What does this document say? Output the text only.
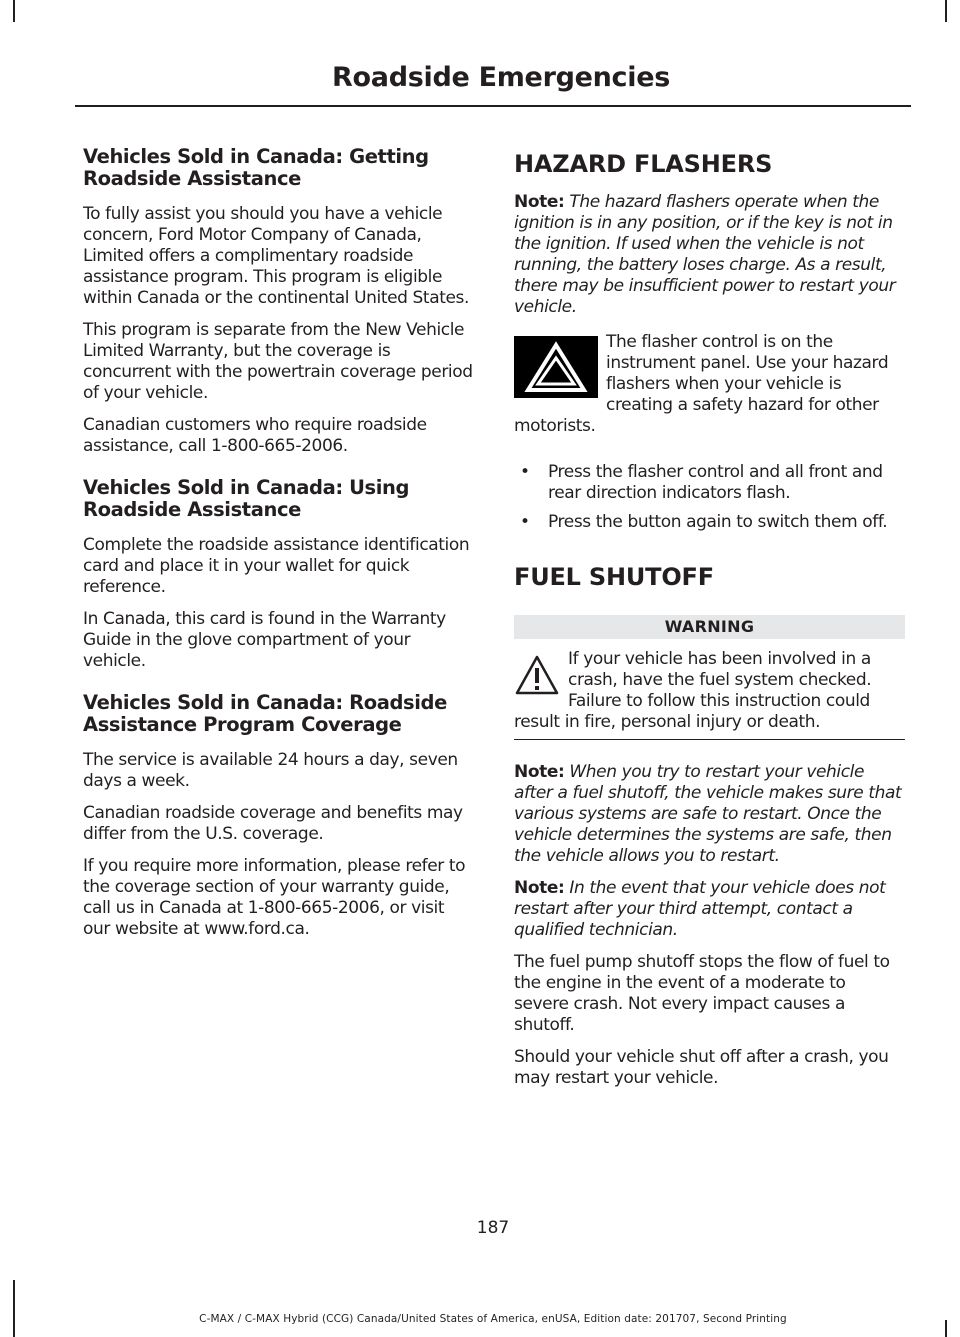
Roadside Emergencies
Vehicles Sold in Canada: Getting Roadside Assistance

To fully assist you should you have a vehicle concern, Ford Motor Company of Canada, Limited offers a complimentary roadside assistance program. This program is eligible within Canada or the continental United States.

This program is separate from the New Vehicle Limited Warranty, but the coverage is concurrent with the powertrain coverage period of your vehicle.

Canadian customers who require roadside assistance, call 1-800-665-2006.

Vehicles Sold in Canada: Using Roadside Assistance

Complete the roadside assistance identification card and place it in your wallet for quick reference.

In Canada, this card is found in the Warranty Guide in the glove compartment of your vehicle.

Vehicles Sold in Canada: Roadside Assistance Program Coverage

The service is available 24 hours a day, seven days a week.

Canadian roadside coverage and benefits may differ from the U.S. coverage.

If you require more information, please refer to the coverage section of your warranty guide, call us in Canada at 1-800-665-2006, or visit our website at www.ford.ca.

HAZARD FLASHERS

Note: The hazard flashers operate when the ignition is in any position, or if the key is not in the ignition. If used when the vehicle is not running, the battery loses charge. As a result, there may be insufficient power to restart your vehicle.

The flasher control is on the instrument panel. Use your hazard flashers when your vehicle is creating a safety hazard for other motorists.

• Press the flasher control and all front and rear direction indicators flash.
• Press the button again to switch them off.
FUEL SHUTOFF
WARNING

If your vehicle has been involved in a crash, have the fuel system checked. Failure to follow this instruction could result in fire, personal injury or death.

Note: When you try to restart your vehicle after a fuel shutoff, the vehicle makes sure that various systems are safe to restart. Once the vehicle determines the systems are safe, then the vehicle allows you to restart.

Note: In the event that your vehicle does not restart after your third attempt, contact a qualified technician.

The fuel pump shutoff stops the flow of fuel to the engine in the event of a moderate to severe crash. Not every impact causes a shutoff.

Should your vehicle shut off after a crash, you may restart your vehicle.

187
C-MAX / C-MAX Hybrid (CCG) Canada/United States of America, enUSA, Edition date: 201707, Second Printing
